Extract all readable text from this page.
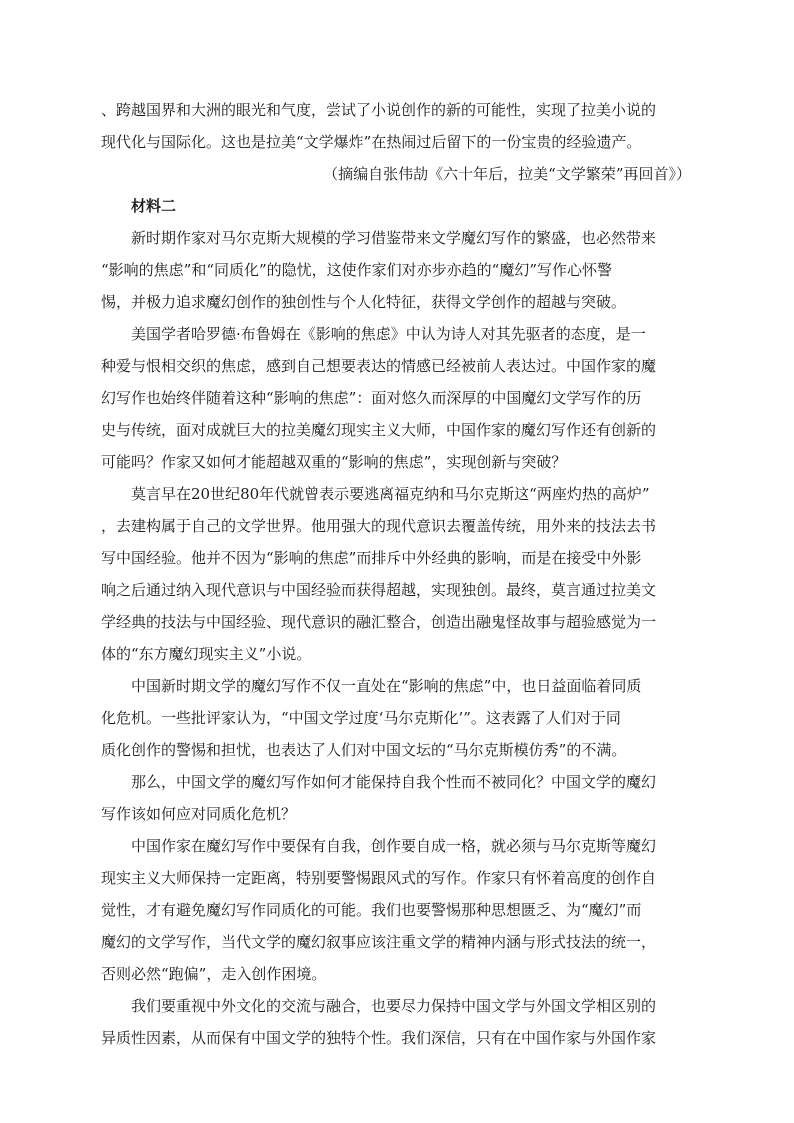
、跨越国界和大洲的眼光和气度，尝试了小说创作的新的可能性，实现了拉美小说的
现代化与国际化。这也是拉美“文学爆炸”在热闹过后留下的一份宝贵的经验遗产。
（摘编自张伟劼《六十年后，拉美“文学繁荣”再回首》）
材料二
新时期作家对马尔克斯大规模的学习借鉴带来文学魔幻写作的繁盛，也必然带来
“影响的焦虑”和“同质化”的隐忧，这使作家们对亦步亦趋的“魔幻”写作心怀警
惕，并极力追求魔幻创作的独创性与个人化特征，获得文学创作的超越与突破。
美国学者哈罗德·布鲁姆在《影响的焦虑》中认为诗人对其先驱者的态度，是一
种爱与恨相交织的焦虑，感到自己想要表达的情感已经被前人表达过。中国作家的魔
幻写作也始终伴随着这种“影响的焦虑”：面对悠久而深厚的中国魔幻文学写作的历
史与传统，面对成就巨大的拉美魔幻现实主义大师，中国作家的魔幻写作还有创新的
可能吗？作家又如何才能超越双重的“影响的焦虑”，实现创新与突破？
莫言早在20世纪80年代就曾表示要逃离福克纳和马尔克斯这“两座灼热的高炉”
，去建构属于自己的文学世界。他用强大的现代意识去覆盖传统，用外来的技法去书
写中国经验。他并不因为“影响的焦虑”而排斥中外经典的影响，而是在接受中外影
响之后通过纳入现代意识与中国经验而获得超越，实现独创。最终，莫言通过拉美文
学经典的技法与中国经验、现代意识的融汇整合，创造出融鬼怪故事与超验感觉为一
体的“东方魔幻现实主义”小说。
中国新时期文学的魔幻写作不仅一直处在“影响的焦虑”中，也日益面临着同质
化危机。一些批评家认为，“中国文学过度‘马尔克斯化’”。这表露了人们对于同
质化创作的警惕和担忧，也表达了人们对中国文坛的“马尔克斯模仿秀”的不满。
那么，中国文学的魔幻写作如何才能保持自我个性而不被同化？中国文学的魔幻
写作该如何应对同质化危机？
中国作家在魔幻写作中要保有自我，创作要自成一格，就必须与马尔克斯等魔幻
现实主义大师保持一定距离，特别要警惕跟风式的写作。作家只有怀着高度的创作自
觉性，才有避免魔幻写作同质化的可能。我们也要警惕那种思想匮乏、为“魔幻”而
魔幻的文学写作，当代文学的魔幻叙事应该注重文学的精神内涵与形式技法的统一，
否则必然“跑偏”，走入创作困境。
我们要重视中外文化的交流与融合，也要尽力保持中国文学与外国文学相区别的
异质性因素，从而保有中国文学的独特个性。我们深信，只有在中国作家与外国作家
